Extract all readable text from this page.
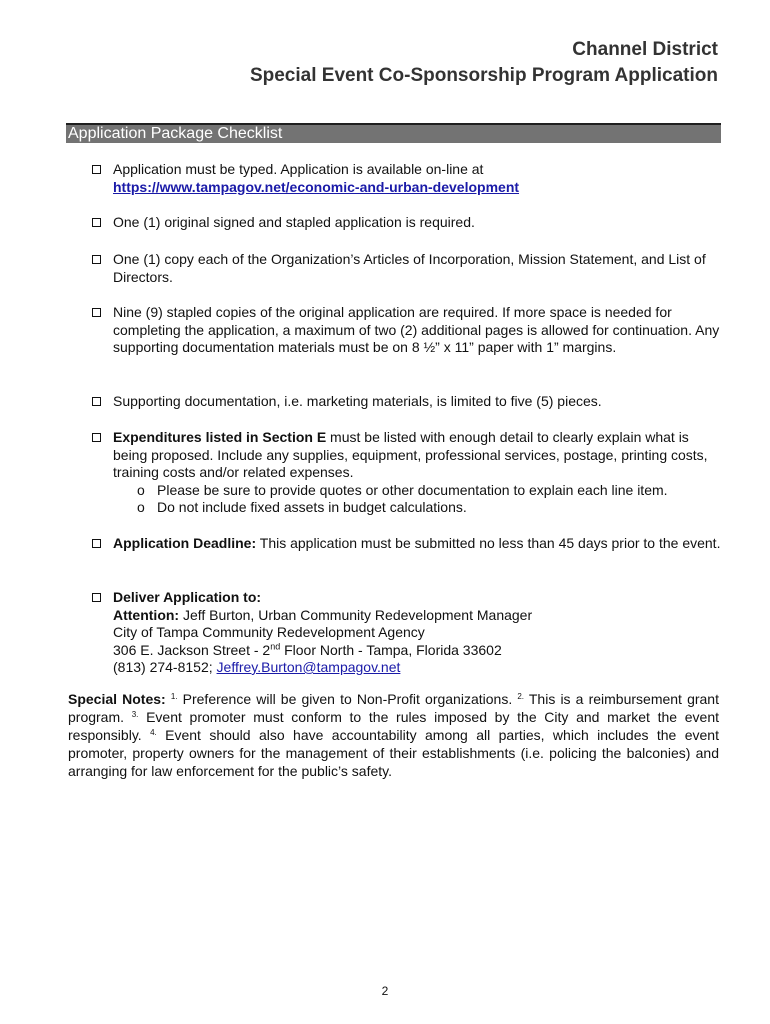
Channel District
Special Event Co-Sponsorship Program Application
Application Package Checklist

Application must be typed. Application is available on-line at

https://www.tampagov.net/economic-and-urban-development

One (1) original signed and stapled application is required.

One (1) copy each of the Organization’s Articles of Incorporation, Mission Statement, and List of Directors.

Nine (9) stapled copies of the original application are required. If more space is needed for completing the application, a maximum of two (2) additional pages is allowed for continuation. Any supporting documentation materials must be on 8 ½” x 11” paper with 1” margins.

Supporting documentation, i.e. marketing materials, is limited to five (5) pieces.

Expenditures listed in Section E must be listed with enough detail to clearly explain what is being proposed. Include any supplies, equipment, professional services, postage, printing costs, training costs and/or related expenses.

o Please be sure to provide quotes or other documentation to explain each line item.

o Do not include fixed assets in budget calculations.

Application Deadline: This application must be submitted no less than 45 days prior to the event.

Deliver Application to:

Attention: Jeff Burton, Urban Community Redevelopment Manager

City of Tampa Community Redevelopment Agency

306 E. Jackson Street - 2nd Floor North - Tampa, Florida 33602

(813) 274-8152; Jeffrey.Burton@tampagov.net

Special Notes: $^{1.}$ Preference will be given to Non-Profit organizations. $^{2.}$ This is a reimbursement grant program. $^{3.}$ Event promoter must conform to the rules imposed by the City and market the event responsibly. $^{4.}$ Event should also have accountability among all parties, which includes the event promoter, property owners for the management of their establishments (i.e. policing the balconies) and arranging for law enforcement for the public’s safety.
2
